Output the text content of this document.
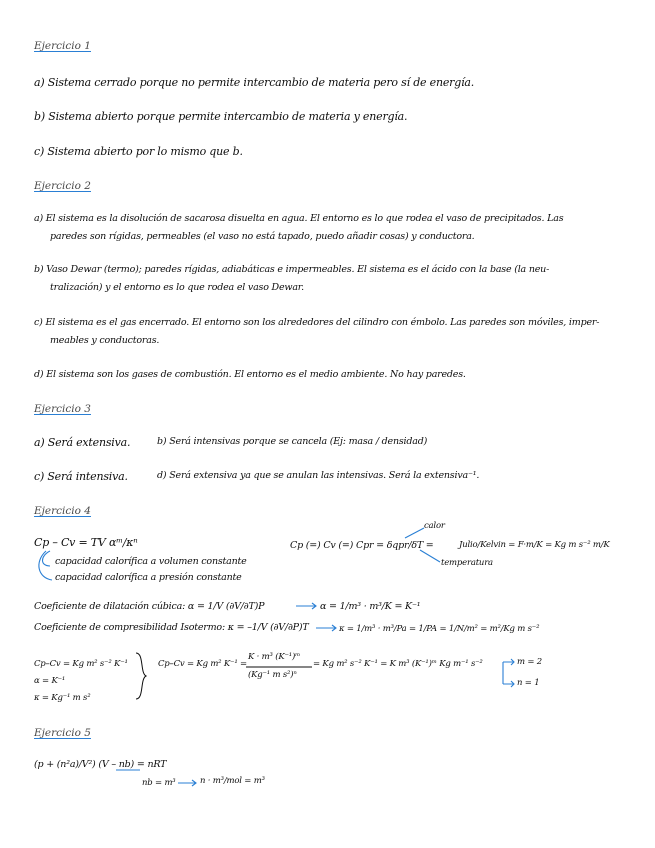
Ejercicio 1
a) Sistema cerrado porque no permite intercambio de materia pero sí de energía.
b) Sistema abierto porque permite intercambio de materia y energía.
c) Sistema abierto por lo mismo que b.
Ejercicio 2
a) El sistema es la disolución de sacarosa disuelta en agua. El entorno es lo que rodea el vaso de precipitados. Las
paredes son rígidas, permeables (el vaso no está tapado, puedo añadir cosas) y conductora.
b) Vaso Dewar (termo); paredes rígidas, adiabáticas e impermeables. El sistema es el ácido con la base (la neu-
tralización) y el entorno es lo que rodea el vaso Dewar.
c) El sistema es el gas encerrado. El entorno son los alrededores del cilindro con émbolo. Las paredes son móviles, imper-
meables y conductoras.
d) El sistema son los gases de combustión. El entorno es el medio ambiente. No hay paredes.
Ejercicio 3
a) Será extensiva.	b) Será intensivas porque se cancela (Ej: masa / densidad)
c) Será intensiva.	d) Será extensiva ya que se anulan las intensivas. Será la extensiva⁻¹.
Ejercicio 4
Cp – Cv = TV αᵐ/κⁿ
capacidad calorífica a volumen constante
capacidad calorífica a presión constante
Cp (=) Cv (=) Cpr = δqpr/δT =
calor
Julio/Kelvin = F·m/K = Kg m s⁻² m/K
temperatura
Coeficiente de dilatación cúbica: α = 1/V (∂V/∂T)P	α = 1/m³ · m³/K = K⁻¹
Coeficiente de compresibilidad Isotermo: κ = –1/V (∂V/∂P)T	κ = 1/m³ · m³/Pa = 1/PA = 1/N/m² = m²/Kg m s⁻²
Cp–Cv = Kg m² s⁻² K⁻¹
α = K⁻¹
κ = Kg⁻¹ m s²
Cp–Cv = Kg m² K⁻¹ =
K · m³ (K⁻¹)ᵐ
(Kg⁻¹ m s²)ⁿ
= Kg m² s⁻² K⁻¹ = K m³ (K⁻¹)ᵐ Kg m⁻¹ s⁻²	m = 2
n = 1
Ejercicio 5
(p + (n²a)/V²) (V – nb) = nRT
nb = m³	n · m³/mol = m³
